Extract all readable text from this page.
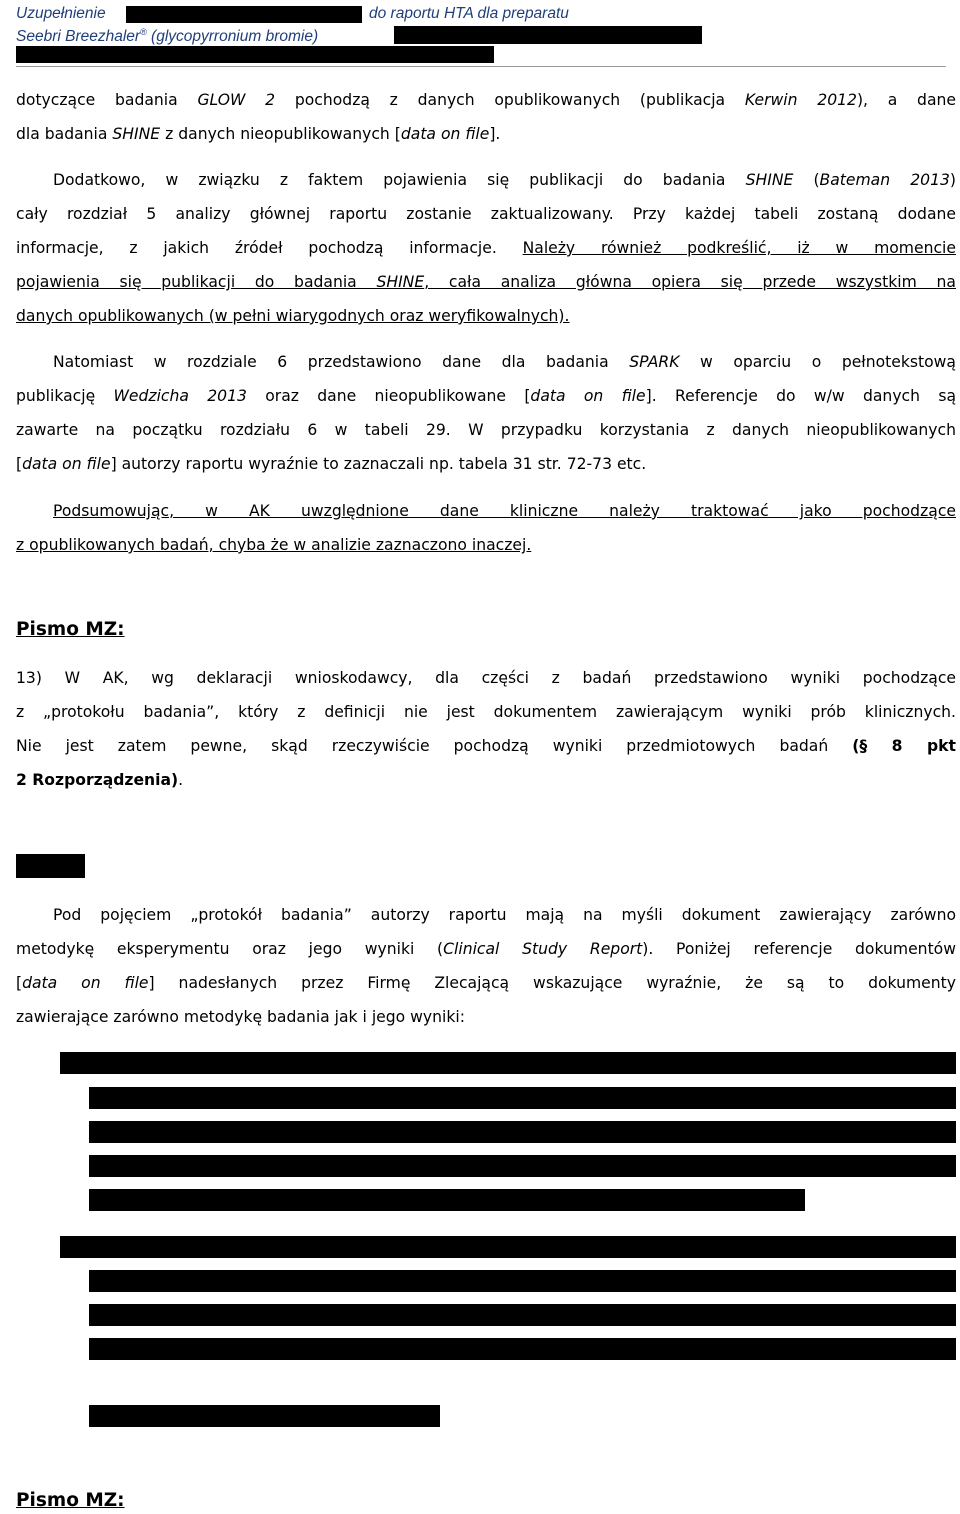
Uzupełnienie	do raportu HTA dla preparatu
Seebri Breezhaler® (glycopyrronium bromie)
dotyczące badania GLOW 2 pochodzą z danych opublikowanych (publikacja Kerwin 2012), a dane
dla badania SHINE z danych nieopublikowanych [data on file].
Dodatkowo, w związku z faktem pojawienia się publikacji do badania SHINE (Bateman 2013)
cały rozdział 5 analizy głównej raportu zostanie zaktualizowany. Przy każdej tabeli zostaną dodane
informacje, z jakich źródeł pochodzą informacje. Należy również podkreślić, iż w momencie
pojawienia się publikacji do badania SHINE, cała analiza główna opiera się przede wszystkim na
danych opublikowanych (w pełni wiarygodnych oraz weryfikowalnych).
Natomiast w rozdziale 6 przedstawiono dane dla badania SPARK w oparciu o pełnotekstową
publikację Wedzicha 2013 oraz dane nieopublikowane [data on file]. Referencje do w/w danych są
zawarte na początku rozdziału 6 w tabeli 29. W przypadku korzystania z danych nieopublikowanych
[data on file] autorzy raportu wyraźnie to zaznaczali np. tabela 31 str. 72-73 etc.
Podsumowując, w AK uwzględnione dane kliniczne należy traktować jako pochodzące
z opublikowanych badań, chyba że w analizie zaznaczono inaczej.
Pismo MZ:
13) W AK, wg deklaracji wnioskodawcy, dla części z badań przedstawiono wyniki pochodzące
z „protokołu badania”, który z definicji nie jest dokumentem zawierającym wyniki prób klinicznych.
Nie jest zatem pewne, skąd rzeczywiście pochodzą wyniki przedmiotowych badań (§ 8 pkt
2 Rozporządzenia).
Pod pojęciem „protokół badania” autorzy raportu mają na myśli dokument zawierający zarówno
metodykę eksperymentu oraz jego wyniki (Clinical Study Report). Poniżej referencje dokumentów
[data on file] nadesłanych przez Firmę Zlecającą wskazujące wyraźnie, że są to dokumenty
zawierające zarówno metodykę badania jak i jego wyniki:
Pismo MZ:
